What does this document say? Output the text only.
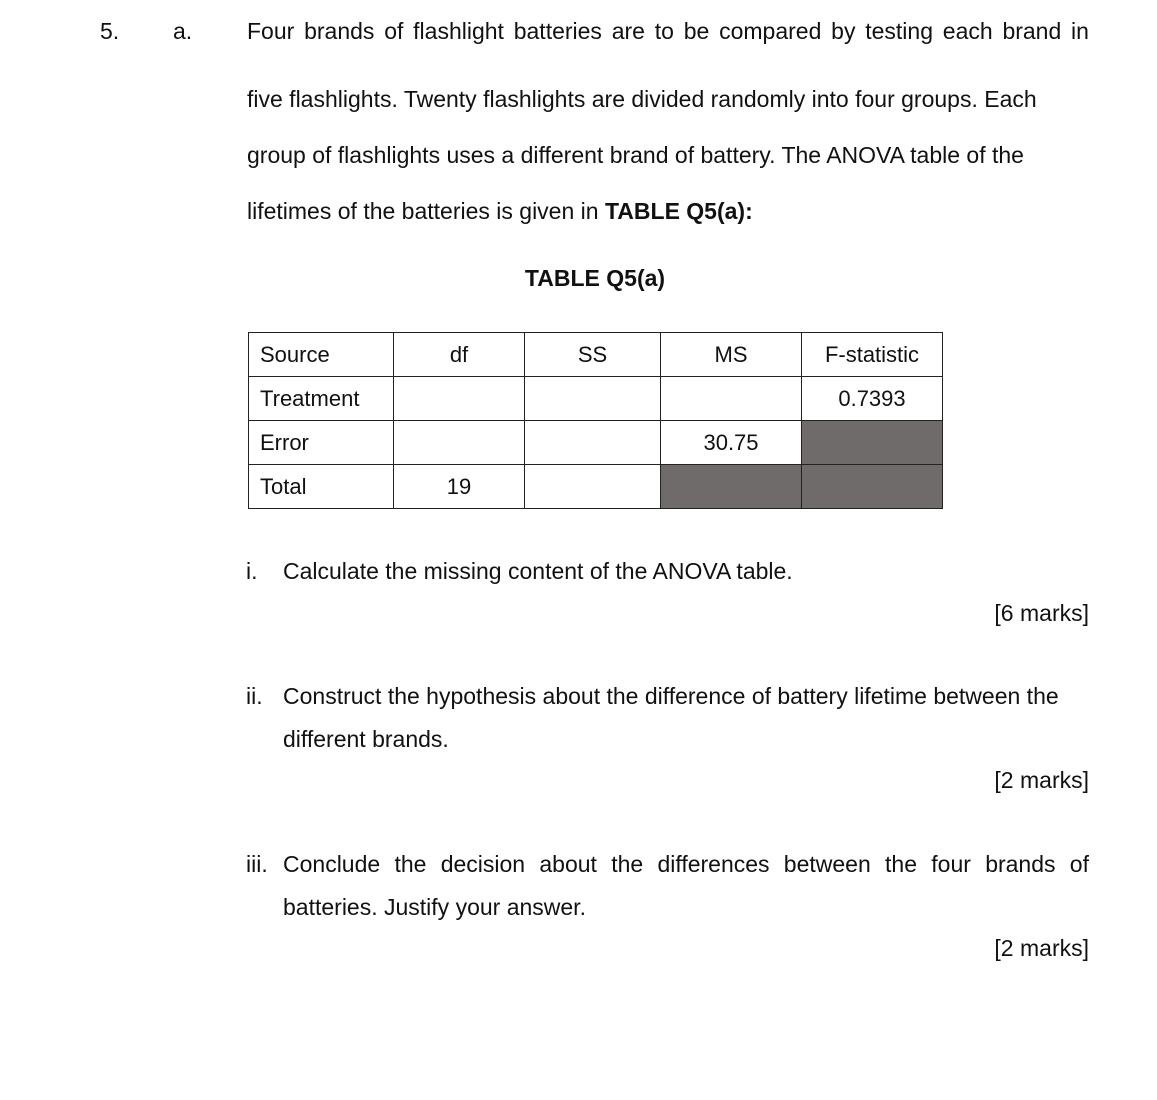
5. a. Four brands of flashlight batteries are to be compared by testing each brand in
five flashlights. Twenty flashlights are divided randomly into four groups. Each
group of flashlights uses a different brand of battery. The ANOVA table of the
lifetimes of the batteries is given in TABLE Q5(a):
TABLE Q5(a)
Source	df	SS	MS	F-statistic
Treatment				0.7393
Error			30.75	
Total	19			
i. Calculate the missing content of the ANOVA table.
[6 marks]
ii. Construct the hypothesis about the difference of battery lifetime between the
different brands.
[2 marks]
iii. Conclude the decision about the differences between the four brands of
batteries. Justify your answer.
[2 marks]
